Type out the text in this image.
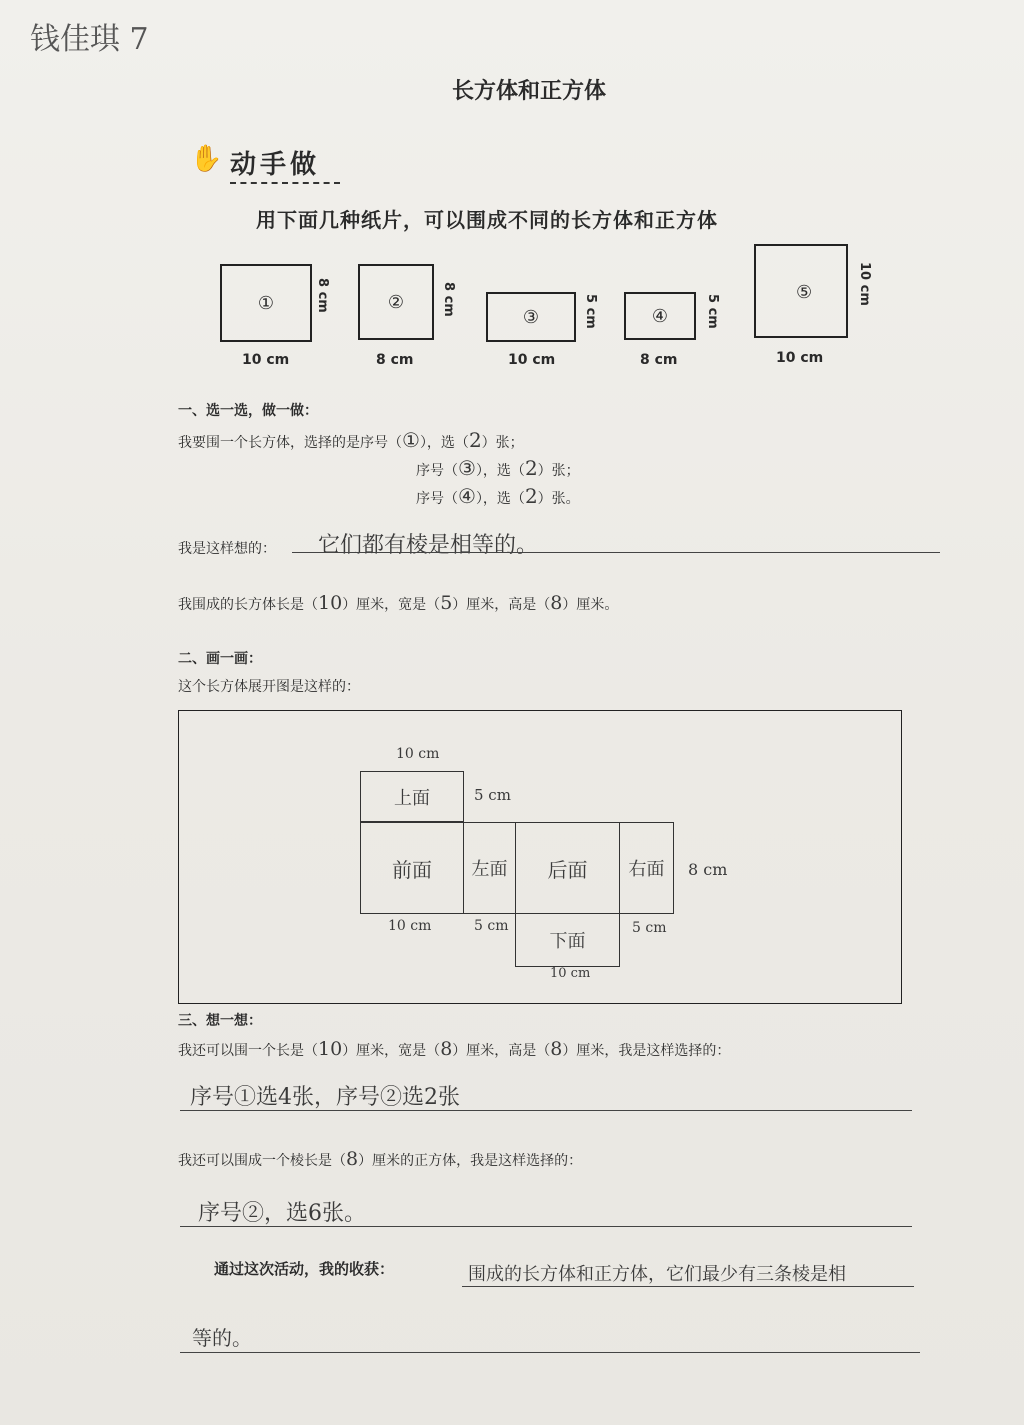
钱佳琪 7
长方体和正方体
✋ 动手做
用下面几种纸片，可以围成不同的长方体和正方体
①	8 cm
10 cm
②	8 cm
8 cm
③	5 cm
10 cm
④	5 cm
8 cm
⑤	10 cm
10 cm
一、选一选，做一做：
我要围一个长方体，选择的是序号（①），选（2）张；
序号（③），选（2）张；
序号（④），选（2）张。
我是这样想的： 它们都有棱是相等的。
我围成的长方体长是（10）厘米，宽是（5）厘米，高是（8）厘米。
二、画一画：
这个长方体展开图是这样的：
上面
前面 左面 后面 右面
下面
10 cm
5 cm
8 cm
10 cm	5 cm	5 cm
10 cm
三、想一想：
我还可以围一个长是（10）厘米，宽是（8）厘米，高是（8）厘米，我是这样选择的：
序号①选4张，序号②选2张
我还可以围成一个棱长是（8）厘米的正方体，我是这样选择的：
序号②，选6张。
通过这次活动，我的收获：	围成的长方体和正方体，它们最少有三条棱是相
等的。
